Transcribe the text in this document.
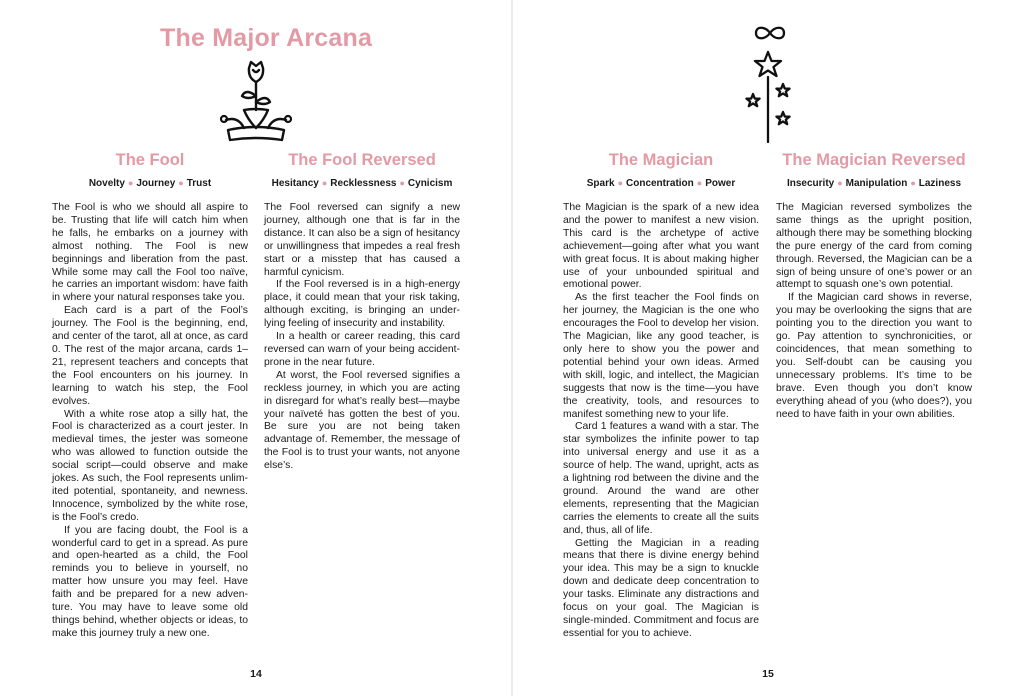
The Major Arcana
The Fool
Novelty ● Journey ● Trust

The Fool is who we should all aspire to be. Trusting that life will catch him when he falls, he embarks on a journey with almost nothing. The Fool is new beginnings and liberation from the past. While some may call the Fool too naïve, he carries an important wisdom: have faith in where your natural responses take you.

Each card is a part of the Fool’s journey. The Fool is the beginning, end, and center of the tarot, all at once, as card 0. The rest of the major arcana, cards 1–21, represent teachers and concepts that the Fool encounters on his journey. In learning to watch his step, the Fool evolves.

With a white rose atop a silly hat, the Fool is characterized as a court jester. In medieval times, the jester was someone who was allowed to function outside the social script—could observe and make jokes. As such, the Fool represents unlimited potential, spontaneity, and newness. Innocence, symbolized by the white rose, is the Fool’s credo.

If you are facing doubt, the Fool is a wonderful card to get in a spread. As pure and open-hearted as a child, the Fool reminds you to believe in yourself, no matter how unsure you may feel. Have faith and be prepared for a new adventure. You may have to leave some old things behind, whether objects or ideas, to make this journey truly a new one.

The Fool Reversed
Hesitancy ● Recklessness ● Cynicism

The Fool reversed can signify a new journey, although one that is far in the distance. It can also be a sign of hesitancy or unwillingness that impedes a real fresh start or a misstep that has caused a harmful cynicism.

If the Fool reversed is in a high-energy place, it could mean that your risk taking, although exciting, is bringing an underlying feeling of insecurity and instability.

In a health or career reading, this card reversed can warn of your being accident-prone in the near future.

At worst, the Fool reversed signifies a reckless journey, in which you are acting in disregard for what’s really best—maybe your naïveté has gotten the best of you. Be sure you are not being taken advantage of. Remember, the message of the Fool is to trust your wants, not anyone else’s.

14
The Magician
Spark ● Concentration ● Power

The Magician is the spark of a new idea and the power to manifest a new vision. This card is the archetype of active achievement—going after what you want with great focus. It is about making higher use of your unbounded spiritual and emotional power.

As the first teacher the Fool finds on her journey, the Magician is the one who encourages the Fool to develop her vision. The Magician, like any good teacher, is only here to show you the power and potential behind your own ideas. Armed with skill, logic, and intellect, the Magician suggests that now is the time—you have the creativity, tools, and resources to manifest something new to your life.

Card 1 features a wand with a star. The star symbolizes the infinite power to tap into universal energy and use it as a source of help. The wand, upright, acts as a lightning rod between the divine and the ground. Around the wand are other elements, representing that the Magician carries the elements to create all the suits and, thus, all of life.

Getting the Magician in a reading means that there is divine energy behind your idea. This may be a sign to knuckle down and dedicate deep concentration to your tasks. Eliminate any distractions and focus on your goal. The Magician is single-minded. Commitment and focus are essential for you to achieve.

The Magician Reversed
Insecurity ● Manipulation ● Laziness

The Magician reversed symbolizes the same things as the upright position, although there may be something blocking the pure energy of the card from coming through. Reversed, the Magician can be a sign of being unsure of one’s power or an attempt to squash one’s own potential.

If the Magician card shows in reverse, you may be overlooking the signs that are pointing you to the direction you want to go. Pay attention to synchronicities, or coincidences, that mean something to you. Self-doubt can be causing you unnecessary problems. It’s time to be brave. Even though you don’t know everything ahead of you (who does?), you need to have faith in your own abilities.

15
